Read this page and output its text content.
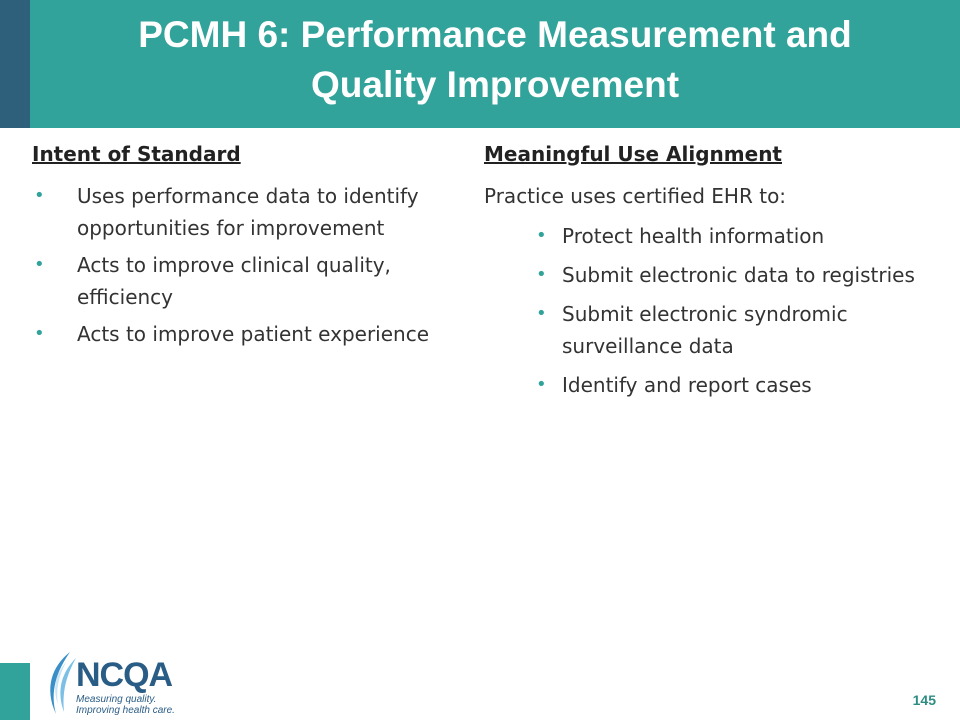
PCMH 6: Performance Measurement and
Quality Improvement
Intent of Standard
• Uses performance data to identify opportunities for improvement
• Acts to improve clinical quality, efficiency
• Acts to improve patient experience
Meaningful Use Alignment

Practice uses certified EHR to:

• Protect health information
• Submit electronic data to registries
• Submit electronic syndromic surveillance data
• Identify and report cases
NCQA
Measuring quality.
Improving health care.
145
